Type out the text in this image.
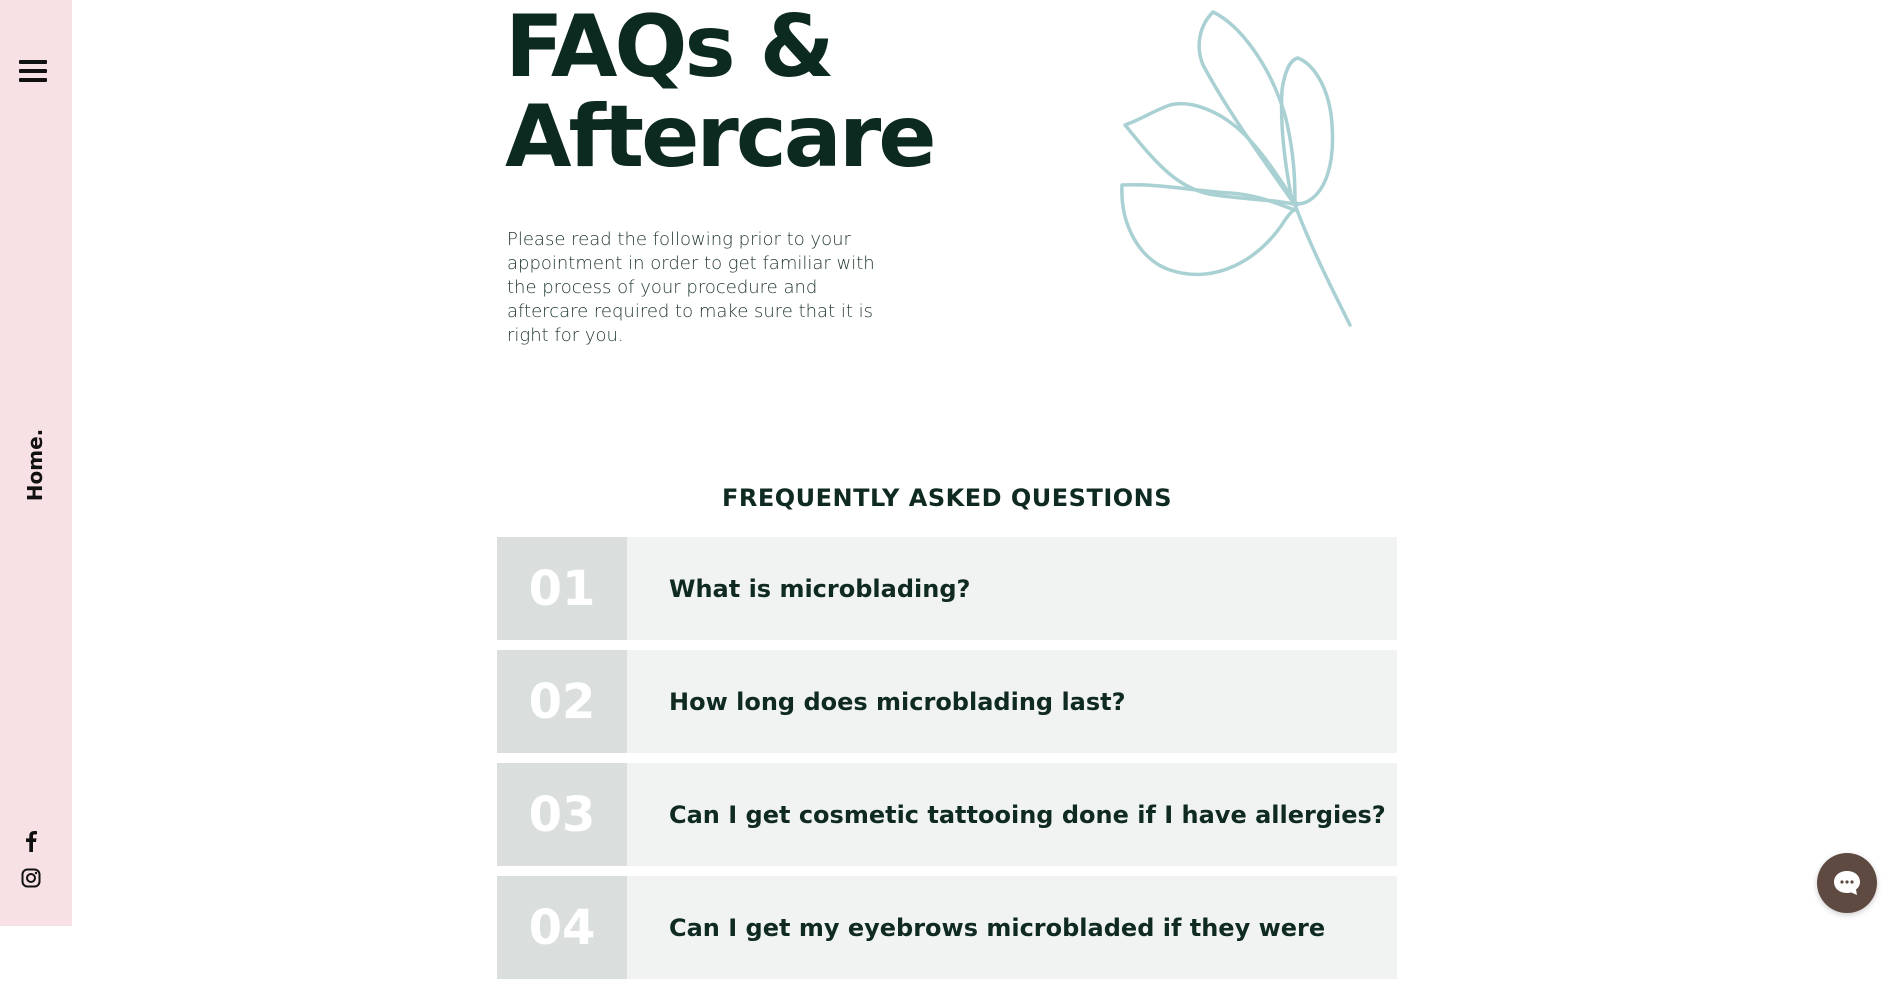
Home.
FAQs &
Aftercare

Please read the following prior to your appointment in order to get familiar with the process of your procedure and aftercare required to make sure that it is right for you.

FREQUENTLY ASKED QUESTIONS
01	What is microblading?
02	How long does microblading last?
03	Can I get cosmetic tattooing done if I have allergies?
04	Can I get my eyebrows microbladed if they were
